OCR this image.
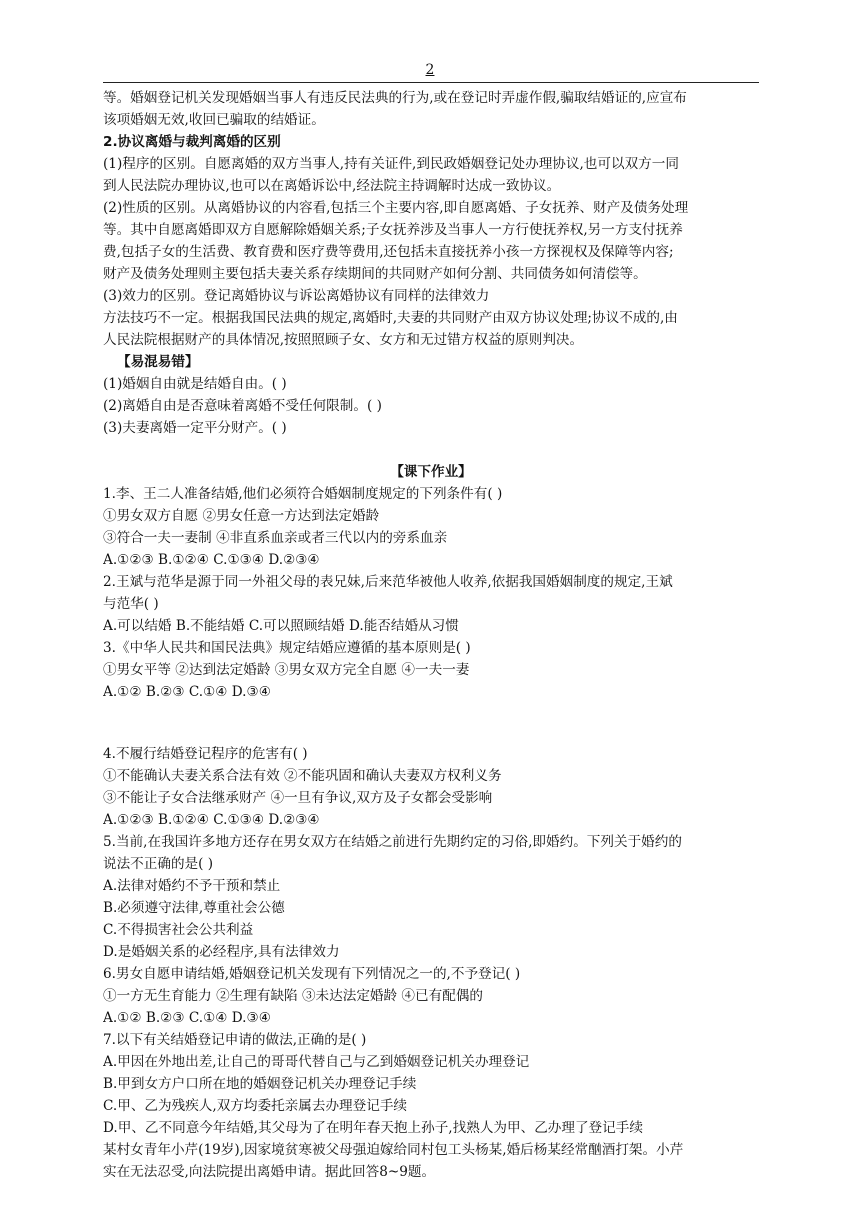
2
等。婚姻登记机关发现婚姻当事人有违反民法典的行为,或在登记时弄虚作假,骗取结婚证的,应宣布
该项婚姻无效,收回已骗取的结婚证。
2.协议离婚与裁判离婚的区别
(1)程序的区别。自愿离婚的双方当事人,持有关证件,到民政婚姻登记处办理协议,也可以双方一同
到人民法院办理协议,也可以在离婚诉讼中,经法院主持调解时达成一致协议。
(2)性质的区别。从离婚协议的内容看,包括三个主要内容,即自愿离婚、子女抚养、财产及债务处理
等。其中自愿离婚即双方自愿解除婚姻关系;子女抚养涉及当事人一方行使抚养权,另一方支付抚养
费,包括子女的生活费、教育费和医疗费等费用,还包括未直接抚养小孩一方探视权及保障等内容;
财产及债务处理则主要包括夫妻关系存续期间的共同财产如何分割、共同债务如何清偿等。
(3)效力的区别。登记离婚协议与诉讼离婚协议有同样的法律效力
方法技巧不一定。根据我国民法典的规定,离婚时,夫妻的共同财产由双方协议处理;协议不成的,由
人民法院根据财产的具体情况,按照照顾子女、女方和无过错方权益的原则判决。
【易混易错】
(1)婚姻自由就是结婚自由。( )
(2)离婚自由是否意味着离婚不受任何限制。( )
(3)夫妻离婚一定平分财产。( )
【课下作业】
1.李、王二人准备结婚,他们必须符合婚姻制度规定的下列条件有( )
①男女双方自愿 ②男女任意一方达到法定婚龄
③符合一夫一妻制 ④非直系血亲或者三代以内的旁系血亲
A.①②③ B.①②④ C.①③④ D.②③④
2.王斌与范华是源于同一外祖父母的表兄妹,后来范华被他人收养,依据我国婚姻制度的规定,王斌
与范华( )
A.可以结婚 B.不能结婚 C.可以照顾结婚 D.能否结婚从习惯
3.《中华人民共和国民法典》规定结婚应遵循的基本原则是( )
①男女平等 ②达到法定婚龄 ③男女双方完全自愿 ④一夫一妻
A.①② B.②③ C.①④ D.③④
4.不履行结婚登记程序的危害有( )
①不能确认夫妻关系合法有效 ②不能巩固和确认夫妻双方权利义务
③不能让子女合法继承财产 ④一旦有争议,双方及子女都会受影响
A.①②③ B.①②④ C.①③④ D.②③④
5.当前,在我国许多地方还存在男女双方在结婚之前进行先期约定的习俗,即婚约。下列关于婚约的
说法不正确的是( )
A.法律对婚约不予干预和禁止
B.必须遵守法律,尊重社会公德
C.不得损害社会公共利益
D.是婚姻关系的必经程序,具有法律效力
6.男女自愿申请结婚,婚姻登记机关发现有下列情况之一的,不予登记( )
①一方无生育能力 ②生理有缺陷 ③未达法定婚龄 ④已有配偶的
A.①② B.②③ C.①④ D.③④
7.以下有关结婚登记申请的做法,正确的是( )
A.甲因在外地出差,让自己的哥哥代替自己与乙到婚姻登记机关办理登记
B.甲到女方户口所在地的婚姻登记机关办理登记手续
C.甲、乙为残疾人,双方均委托亲属去办理登记手续
D.甲、乙不同意今年结婚,其父母为了在明年春天抱上孙子,找熟人为甲、乙办理了登记手续
某村女青年小芹(19岁),因家境贫寒被父母强迫嫁给同村包工头杨某,婚后杨某经常酗酒打架。小芹
实在无法忍受,向法院提出离婚申请。据此回答8~9题。
